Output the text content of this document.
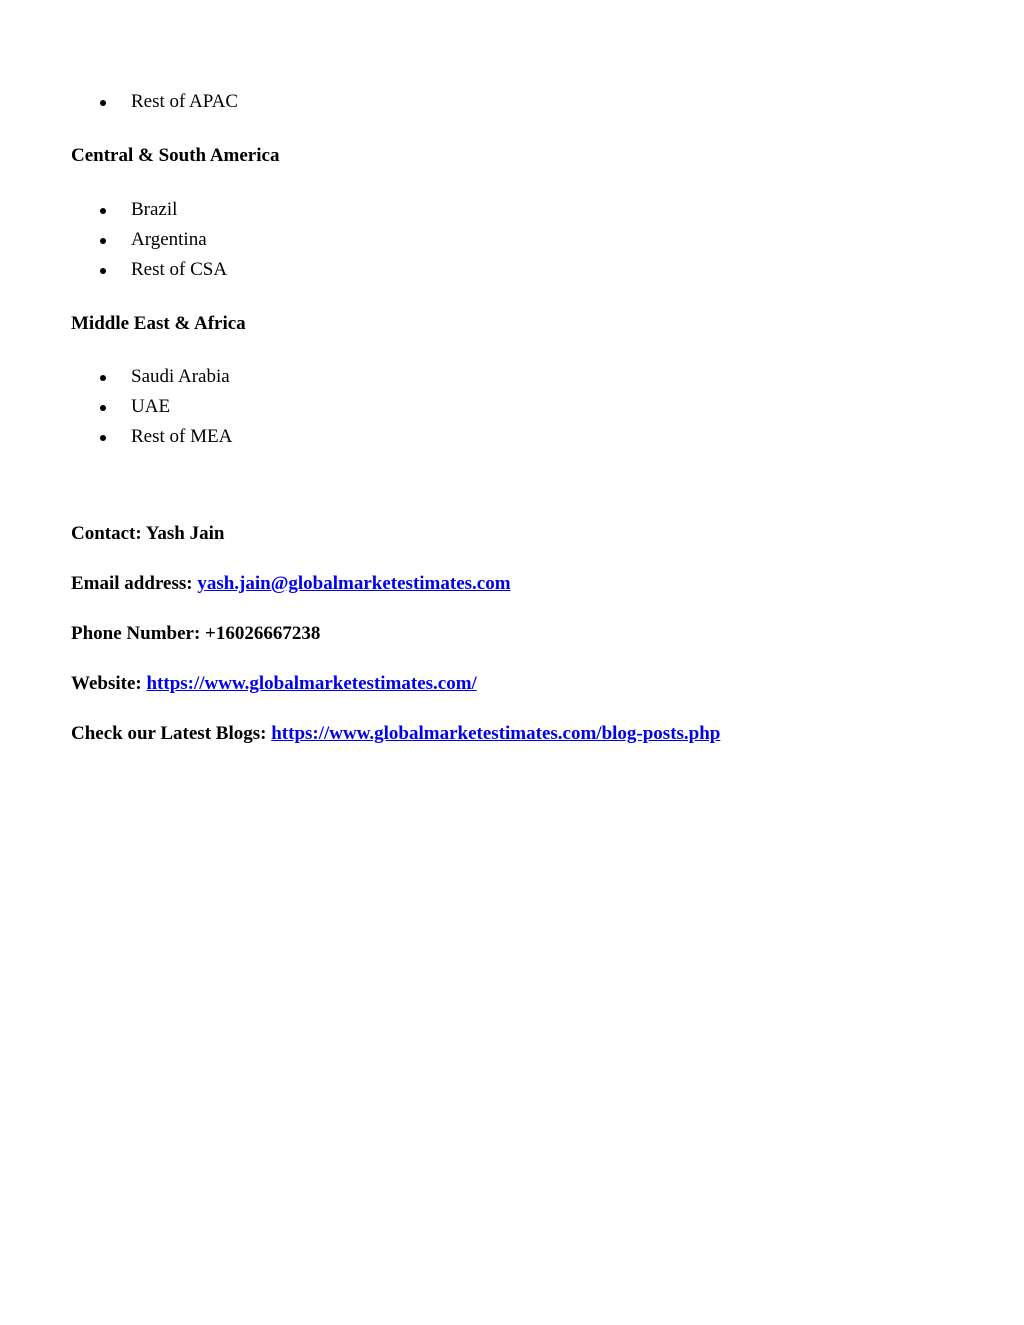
Rest of APAC
Central & South America
Brazil
Argentina
Rest of CSA
Middle East & Africa
Saudi Arabia
UAE
Rest of MEA
Contact: Yash Jain
Email address: yash.jain@globalmarketestimates.com
Phone Number: +16026667238
Website: https://www.globalmarketestimates.com/
Check our Latest Blogs: https://www.globalmarketestimates.com/blog-posts.php
